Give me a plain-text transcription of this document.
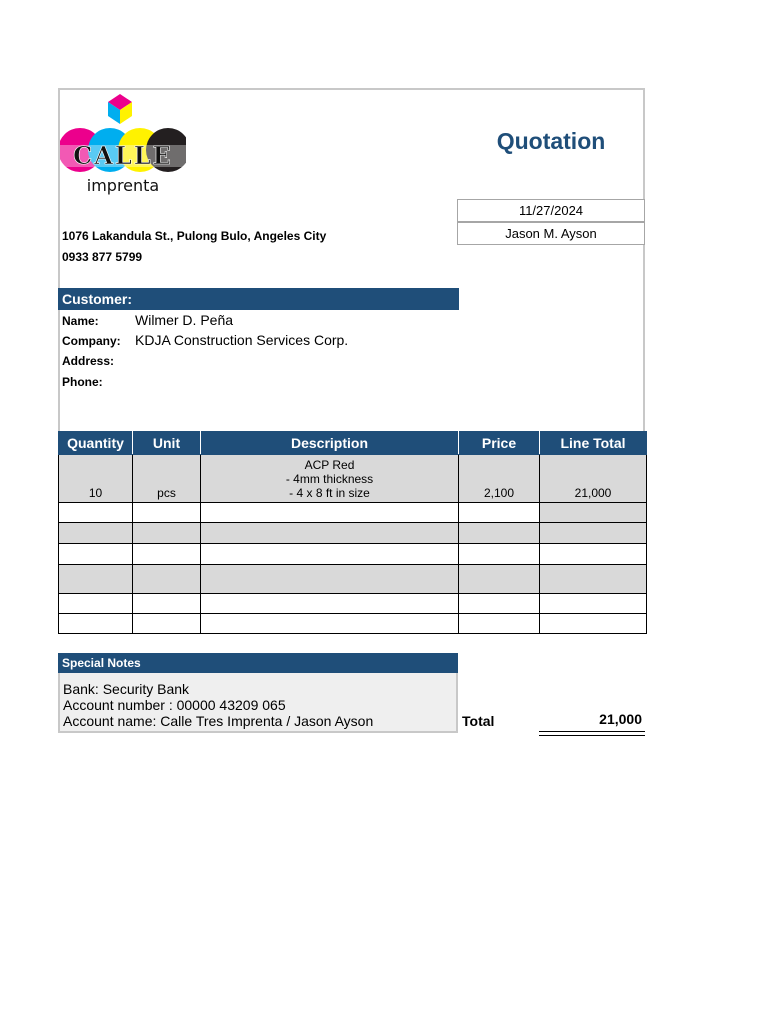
CALLE
imprenta
Quotation
11/27/2024
Jason M. Ayson
1076 Lakandula St., Pulong Bulo, Angeles City
0933 877 5799
Customer:
Name:	Wilmer D. Peña
Company: KDJA Construction Services Corp.
Address:
Phone:
Quantity	Unit	Description	Price	Line Total
10	pcs	ACP Red
- 4mm thickness
- 4 x 8 ft in size	2,100	21,000

Special Notes
Bank: Security Bank
Account number : 00000 43209 065
Account name: Calle Tres Imprenta / Jason Ayson	Total	21,000
